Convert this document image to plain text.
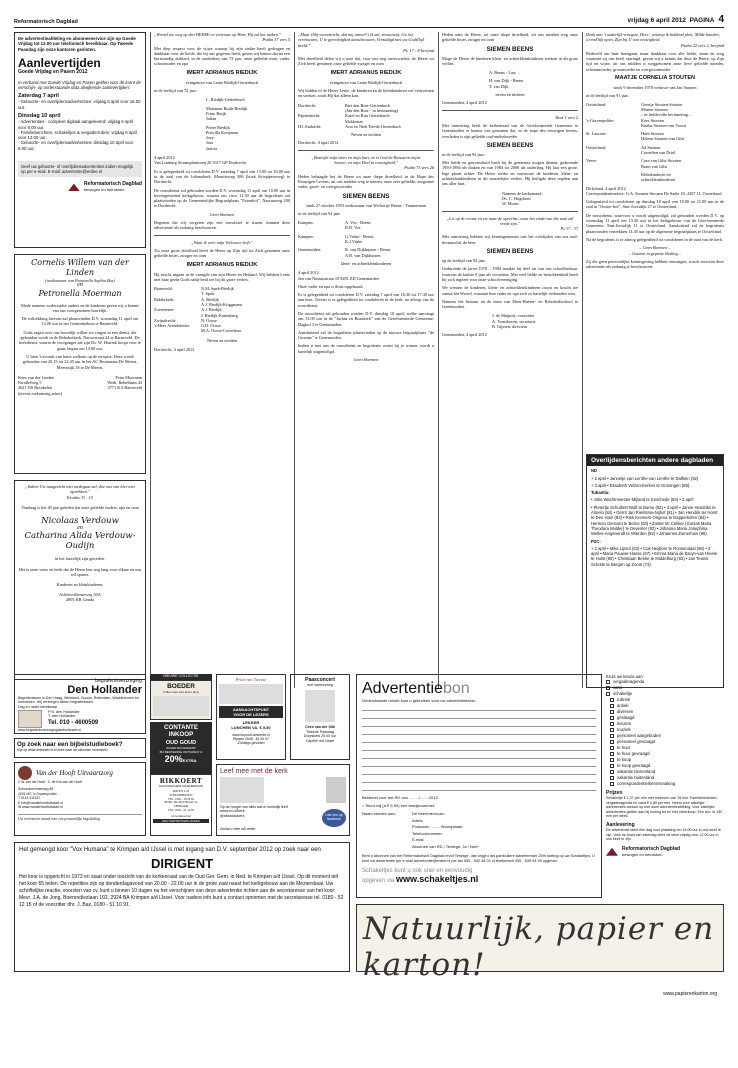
Reformatorisch Dagblad	vrijdag 6 april 2012 PAGINA 4
De advertentieafdeling en abonneeservice zijn op Goede Vrijdag tot 12.00 uur telefonisch bereikbaar. Op Tweede Paasdag zijn onze kantoren gesloten.
Aanlevertijden
Goede Vrijdag en Pasen 2012
In verband met Goede Vrijdag en Pasen gelden voor de krant de verschijn- op onderstaande data afwijkende aanlevertijden:
Zaterdag 7 april
- Geboorte- en overlijdensadvertenties: vrijdag 6 april voor 16.00 uur.
Dinsdag 10 april
- Advertenties - compleet digitaal aangeleverd: vrijdag 6 april voor 9.00 uur.
- Familieberichten, schakeltjes & vergaderrubrie: vrijdag 6 april voor 12.00 uur.
- Geboorte- en overlijdensadvertenties: dinsdag 10 april voor 9.00 uur.
Geef uw geboorte- of overlijdensadvertenties indien mogelijk op per e-mail. E-mail: advertentie@erdee.nl
Reformatorisch Dagblad
bewogen en betrokken
Cornelis Willem van der Linden
(weduwnaar van Petronella Sophia Bos)
en
Petronella Moerman
Mede namens wederzijdse ouders en de kinderen geven wij u kennis van ons voorgenomen huwelijk.
De voltrekking hiervan zal plaatsvinden D.V. woensdag 11 april om 13.00 uur in het Gemeentehuis te Barneveld.
Gods zegen over ons huwelijk willen we vragen in een dienst, die gehouden wordt in de Rehobotkerk, Nairacstraat 24 te Barneveld. De kerkdienst, waarin de voorganger zal zijn Ds. W. Hartink hoopt voor te gaan, begint om 14.00 uur.
U bent 's avonds van harte welkom op de receptie. Deze wordt gehouden van 20.15 tot 22.45 uur in het AC Restaurant De Meern, Meernsijk 18 te De Meern.
Kees van der Linden
Parallelweg 5
3621 NS Breukelen
(tevens toekomstig adres)
Petra Moerman
Weth. Rebelhaan 43
3771 KA Barneveld
„Indien Uw aangezicht niet medegaat zal, doe ons van hier niet optrekken."
Exodus 33 : 15
Vandaag is het 40 jaar geleden dat onze geliefde ouders, opa en oma
Nicolaas Verdouw
en
Catharina Alida Verdouw-Oudijn
in het huwelijk zijn getreden.
Het is onze wens en bede dat de Heere hen nog lang voor elkaar en ons wil sparen.
Kinderen en kleinkinderen.
Achterwillenseweg 30A
2805 KB Gouda
„Wentel uw weg op den HEERE en vertrouw op Hem, Hij zal het maken."
Psalm 37 vers 5
Met diep respect voor de wijze waarop hij zijn ziekte heeft gedragen en dankbaar voor de liefde, die hij ons gegeven heeft, geven wij kennis dat na een kortstondig ziekbed, in de ouderdom van 72 jaar, onze geliefde man, vader, schoonvader en opa
IMERT ADRIANUS RIEDIJK
echtgenoot van Lenie Riedijk-Gertenbach
in de leeftijd van 72 jaar.
L. Riedijk-Gertenbach
Marianne Buijk-Riedijk
Frino Buijk
Julian
Pieter Riedijk
Priscilla Koopman
Joey
Jara
Jasiria
4 april 2012
Van Limburg Stirumplantsoen 20 3317 GP Dordrecht
Er is gelegenheid tot condoleren D.V. zaterdag 7 april van 15.00 tot 16.00 uur in de zaal van de Julianakerk, Mauritsweg 386 (hoek Krispijnseweg) te Dordrecht.
De rouwdienst zal gehouden worden D.V. woensdag 11 april om 10.00 uur in bovengenoemd kerkgebouw, waarna om circa 11.30 uur de begrafenis zal plaatsvinden op de Gemeentelijke Begraafplaats "Essenhof", Nassauweg 200 te Dordrecht.
Geen bloemen
Degenen die wij vergeten zijn een rouwbrief te sturen, kunnen deze advertentie als zodanig beschouwen.
„Want ik weet mijn Verlosser leeft."
Tot onze grote droefheid heeft de Heere op Zijn tijd tot Zich genomen onze geliefde broer, zwager en oom
IMERT ADRIANUS RIEDIJK
Hij mocht ingaan in de vreugde van zijn Heere en Heiland. Wij hebben Lenie met haar gezin Gods nabij-heid toe bij dit grote verlies.
Barneveld:	N.M. Spek-Riedijk
T. Spek
Ridderkerk:	A. Riedijk
A.J. Riedijk-Kriggmans
Zoetermeer:	A.J. Riedijk
J. Riedijk-Kattenberg
Zwijndrecht:	N. Oosse
's-Heer Arendskerke:	G.D. Oosse
M.A. Oosse-Cornelisse
Neven en nichten
Dordrecht, 4 april 2012
„Maar (blij voorzitricht, dat mij atreat!!) Ik zal, eeuwuwijt, Uw bij vertrouwen, U te gerechtighed aanschouwen, Verzadigd met uw Godd'lijk beeld."
Ps. 17 : 8 berijmd
Met droefheid delen wij u mee dat, voor ons nog onverwachts, de Heere tot Zich heeft genomen onze geliefde zwager en oom
IMERT ADRIANUS RIEDIJK
echtgenoot van Lenie Riedijk-Gertenbach
Wij bidden of de Heere Lenie, de kinderen en de kleinkinderen wil vertroosten en sterken, zoals Hij dat alleen kan.
Dordrecht:	Riet den Boer-Gertenbach
(Jan den Boer - in herinnering)
Papendrecht:	Karel en Rita Gertenbach-
Mokkenze
H.I.Ambacht:	Aria en Niek Teerds-Gertenbach
Neven en nichten
Dordrecht, 4 april 2012
„Bezwijkt mijn vlees en mijn hart, zo is God de Rotssteen mijns harten, en mijn Deel in eeuwigheid."
Psalm 73 vers 26
Heden behaagde het de Heere tot onze diepe droefheid, in de Hope des Eeuwigen Levens, uit ons midden weg te nemen, onze zeer geliefde, zorgzame vader, groot- en overgrootvader
SIEMEN BEENS
sinds 27 oktober 1993 weduwnaar van Wichertje Beens - Timmerman
in de leeftijd van 92 jaar
Kampen:	A. Vos - Beens
B.D. Vos
Kampen:	G.Vinke - Beens
K.J.Vinke
Genemuiden:	R. van Dijkhuizen - Beens
A.B. van Dijkhuizen
klein- en achterkleinkinderen
4 april 2012
Jan van Nassaustraat 10 8281 ZD Genemuiden
Onze vader en opa is thuis opgebaard.
Er is gelegenheid tot condoleren D.V. zaterdag 7 april van 16.30 tot 17.30 uur aan huis. Tevens is er gelegenheid tot condoleren in de kerk, na afloop van de rouwdienst.
De rouwdienst zal gehouden worden D.V. dinsdag 10 april, welke aanvangt om 13.00 uur in de "Jachin en Boazkerk" van de Gereformeerde Gemeente, Daghof 3 te Genemuiden.
Aansluitend zal de begrafenis plaatsvinden op de nieuwe begraafplaats "de Groente" te Genemuiden.
Indien u met ons de rouwdienst en begrafenis wenst bij te wonen, wordt u hartelijk uitgenodigd.
Geen bloemen
Heden nam de Heere, tot onze diepe droefheid, uit ons midden weg onze geliefde broer, zwager en oom
SIEMEN BEENS
Moge de Heere de kinderen klein- en achterkleinkinderen sterken in dit grote verlies.
A. Beens - Last
H. van Dijk - Beens
T. van Dijk
neven en nichten
Genemuiden, 4 april 2012
Titus 1 vers 2
Met ontroering heeft de kerkenraad van de Gereformeerde Gemeente te Genemuiden er kennis van genomen dat, in de hope des eeuwigen levens, overleden is zijn geliefde oud-ambtsbroeder
SIEMEN BEENS
in de leeftijd van 92 jaar.
Met liefde en getrouwheid heeft hij de gemeente mogen dienen, gedurende 1950-1984 als diaken en van 1984 tot 2008 als ouderling. Hij laat een grote, lege plaats achter. De Heere sterke en vertrooste de kinderen, klein- en achterkleinkinderen in dit smartelijke verlies. Hij heiligde deze regelen aan ons aller hart.
Namens de kerkenraad:
Ds. C. Hogchem
W. Mouw
„Let op de vrome en zie naar de oprechte, want het einde van die man zal vrede zijn."
Ps 37 : 37
Met ontroering hebben wij kennisgenomen van het overlijden van ons oud-bestuurslid, de heer
SIEMEN BEENS
op de leeftijd van 92 jaar.
Gedurende de jaren 1978 – 1984 maakte hij deel uit van ons schoolbestuur, waarvan de laatste 8 jaar als voorzitter. Met veel liefde en betrokkenheid heeft hij zich ingezet voor onze schoolvereniging.
We wensen de kinderen, klein- en achterkleinkinderen troost en kracht toe vanuit het Woord, waaraan hun vader en opa zich zo hartelijk verbonden wist.
Namens het bestuur en de team van Eben-Haëzer- en Rehobothschool te Genemuiden.
J. de Muijnck, voorzitter
A. Tromhoven, secretaris
B. Gijssen, directeur
Genemuiden, 4 april 2012
Denk aan 't ouderlijk vroegste, Heer', waarop ik biddend pleit; Milde handen, u'rend'lijk open, Zijn bij U van eeuwigheid.
Psalm 22 vers 2, berijmd
Bedroefd om haar heengaan, maar dankbaar voor alle liefde, steun en zorg waarmee zij ons heeft omringd, geven wij u kennis dat door de Heere, op Zijn tijd en wijze, uit ons midden is weggenomen onze lieve geliefde moeder, schoonmoeder, grootmoeder en overgrootmoeder
MAATJE CORNELIA STOUTEN
sinds 9 december 1978 weduwe van Jan Stouten
in de leeftijd van 91 jaar.
Oosterland:	Geertje Stouten-Stouten
Marien Stouten
– in liefdevolle herinnering –
's-Gravenpolder:	Kees Stouten
Bartha Stouten-van Voorst
St. Laurens:	Huib Stouten
Heleen Stouten-van Gilst
Oosterland:	Ad Stouten
Cornelien van Driel
Veere:	Corn van Gilst-Stouten
Bram van Gilst
Kleinkinderen en
achterkleinkinderen
Dirksland, 4 april 2012
Correspondentieadres: G.A. Stouten-Stouten De Saele 18, 4307 LL Oosterland
Gelegenheid tot condoleren op dinsdag 10 april van 19.00 tot 21.00 uur in de zaal in "Ooster-hof", Sint-Joostdijk 27 te Oosterland.
De rouwdienst, waarvoor u wordt uitgenodigd, zal gehouden worden D.V. op woensdag 11 april om 13.30 uur in het kerkgebouw van de Gereformeerde Gemeente, Sint-Joostdijk 11 te Oosterland. Aansluitend zal de begrafenis plaatsvinden vertrekken 14.45 uur op de algemene begraafplaats te Oosterland.
Na de begrafenis is er alsnog gelegenheid tot condoleren in de zaal van de kerk.
– Geen bloemen –
– Gaarne in gepaste kleding –
Zij die geen persoonlijke kennisgeving hebben ontvangen, wordt verzocht deze advertentie als zodanig te beschouwen.
Overlijdensberichten andere dagbladen

ND

+ 2 april • Jannetje van Lenthe-van Lenthe te Dalfsen (92)

+ 3 april • Elisabeth Velzen-Eerkes te Groningen (89).

Tubantia:

• Joke Wachtmeester-Mijland te Enschede (84) • 2 april

• Pietertje Schuiltert-Wolf te Borne (82) • 3 april • Janne Hendriks te Almelo (84) • Gerrit Jan Rientsma-Nijhof (81) • Jan Hendrik ter Horst te Den Ham (83) • Riek Kremers-Ongena te Dapperkofen (93) • Herman Giervold te Borne (63) • Zoster M. Celiker (Gonias Maria Theodora Mulder) te Deventer (92) • Johanna Maria Josephina Welles-Angenendt te Wierden (82) • Johannes Zomerhuis (85).

PZC:

+ 2 april • Mike Lipsol (53) • Cok Heijboer te Roosendaal (58) • 3 april • Maria Pauwer-Hasse (67) • Emma Maria de Bruyn-van Hinele te Hulst (85) • Christiaan Beeke te Middelburg (63) • Jan Teunis Schotte te Bergen op Zoom (73).

begrafenisverzorging
Den Hollander
Begrafenissen in Den Haag, Westland, Gouda, Rotterdam, Waddinxveen en omstreken. Wij verzorgen alleen begrafenissen.
Dag en nacht bereikbaar
P.N. den Hollander
T. den Hollander
Tel. 010 - 4600509
www.begrafenisverzorgingdenhollander.nl
Op zoek naar een bijbelstudieboek?
Kijk op www.debanier.nl en kies daar de nieuwste recensies!
Van der Hooft Uitvaartzorg
C.W. van der Hooft · C. de Kok-van der Hooft
Schoonhovenseweg 85
4201 MC 's-Gravenpolder
T 0113 311537
E info@vanderhooftuitvaart.nl
W www.vanderhooftuitvaart.nl
Uw vertrouwen waard voor een persoonlijke begeleiding
NIEUWE COLLECTIE
BOEDER
brillen voor een leven lang
CONTANTE
INKOOP
OUD GOUD
ZILVER EN DIAMANT
BIJ BESTEDING ONTVANGT U
20%EXTRA.
RIKKOERT
SCHOONHOVENS JUWELIERSHUIS
HAVEN 1-23
SCHOONHOVEN
TEL. 0182 - 38 26 92
BURG. BLOKSTRAAT 22
LEERDAM
TEL. 0345 - 61 14 95
www.rikkoert.nl
EEN VERTROUWD ADRES
Print van Twente
AANDACHTSPUNT
VOOR DE LEZERS
LEKKER
LUNCHEN VA. € 5,50
www.dopoort-antverde.nl
Rijssen 0548 - 51 90 07
Zondags gesloten
Paasconcert
met samenzang
Cees van der Silk
Tweede Paasdag
Dorpskerk 20.00 uur
Capelle a/d IJssel
Leef mee met de kerk
Op de hoogte van alles wat er kerkelijk leeft
www.rd.nl/kerk
@rdkadavkerk	Like ons op facebook
Omdat u meer wilt weten.
Advertentiebon
Onderstaande ruimte kunt u gebruiken voor uw advertentietekst.
Bestemd voor het RD van ........./........2012
○ Stuur mij (à € 5,50) een bewijsnummer.
Naam zenden aan:	De heer/mevrouw:
Adres:
Postcode: ........ Woonplaats:
Telefoonnummer:
E-mail:
Abonnee van RD / Terdege: Ja / Nee*
Bent u abonnee van het Reformatorisch Dagblad en/of Terdege, dan krijgt u als particuliere adverteerder 25% korting op uw Schakeltjes. U kunt uw advertentie per e-mail advertentie@erdee.nl per fax 055 - 542 48 02 of telefonisch 055 - 539 04 99 opgeven.
Schakeltjes kunt u ook snel en eenvoudig
opgeven via www.schakeltjes.nl
Kruis uw keuze aan:
vergaderagenda
varia
schakeltje
rubriek
antiek
diversen
geslaagd
lesuren
muziek
personeel aangeboden
personeel gevraagd
te huur
te huur gevraagd
te koop
te koop gevraagd
vakantie binnenland
vakantie buitenland
correspondentie/kennismaking
Prijzen
Schakeltje € 1,37 per mm met minimum van 15 mm. Familieberichten, vergaderagenda en varia € 0,89 per mm. Neem voor zakelijke advertenties contact op met onze advertentieafdeling. Voor zakelijke advertenties gelden aan-bij korting tot en met uitverkoop. Een sch. in 150 mm per week.
Aanlevering
De advertentie dient één dag voor plaatsing om 15.00 uur in ons bezit te zijn. Voor de krant van zaterdag dient de tekst vrijdag voor 12.00 uur in ons bezit te zijn.
Reformatorisch Dagblad
bewogen en betrokken
Het gemengd koor "Vox Humana" te Krimpen a/d IJssel is met ingang van D.V. september 2012 op zoek naar een
DIRIGENT
Het koor is opgericht in 1973 en staat onder toezicht van de kerkenraad van de Oud Ger. Gem. in Ned. te Krimpen a/d IJssel. Op dit moment telt het koor 65 leden. De repetities zijn op donderdagavond van 20.00 - 22.00 uur in de grote zaal naast het kerkgebouw aan de Meziersbaai. Uw schriftelijke reactie, voorzien van cv, kunt u binnen 10 dagen na het verschijnen van deze advertentie richten aan de secretaresse van het koor: Mevr. J.A. de Jong, Boerendiezlaan 102, 2924 BA Krimpen a/d IJssel. Voor nadere info kunt u contact opnemen met de secretaresse tel. 0180 - 52 12 15 of de voorzitter dhr. J. Bax, 0180 - 51 10 91.
Natuurlijk, papier en karton!
www.papierenkarton.org
